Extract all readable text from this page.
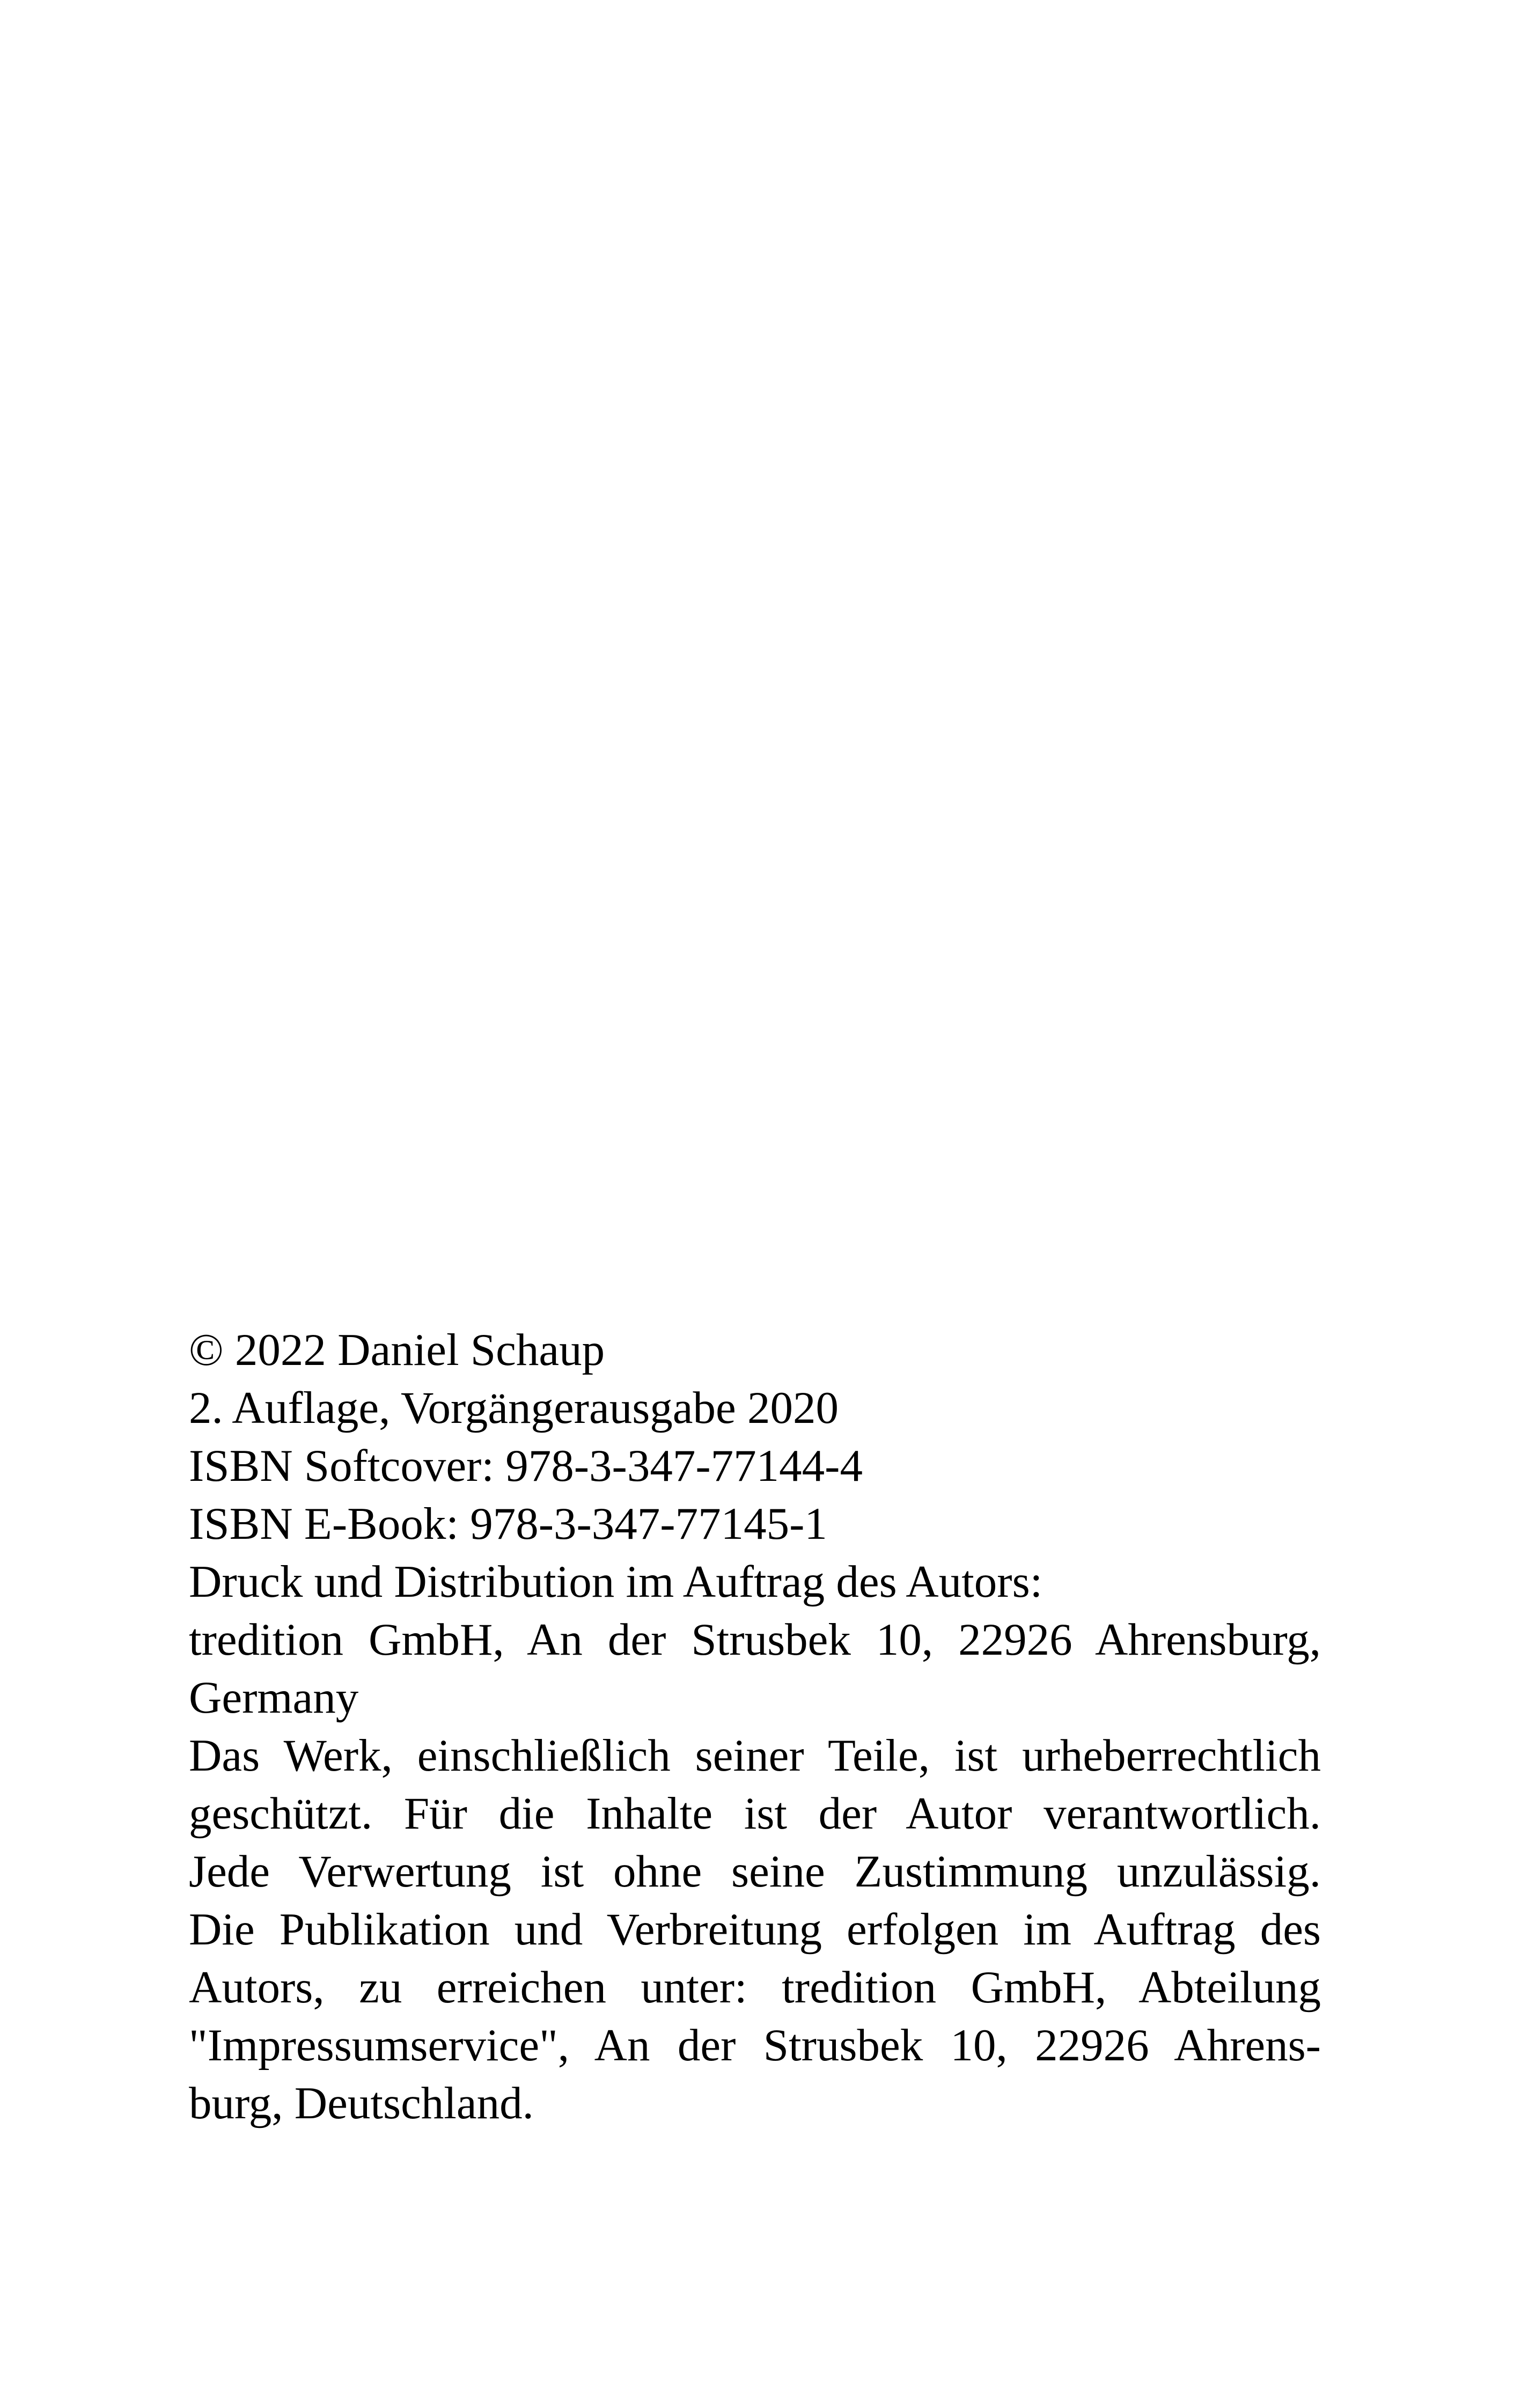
© 2022 Daniel Schaup
2. Auflage, Vorgängerausgabe 2020
ISBN Softcover: 978-3-347-77144-4
ISBN E-Book: 978-3-347-77145-1
Druck und Distribution im Auftrag des Autors:
tredition GmbH, An der Strusbek 10, 22926 Ahrensburg,
Germany
Das Werk, einschließlich seiner Teile, ist urheberrechtlich
geschützt. Für die Inhalte ist der Autor verantwortlich.
Jede Verwertung ist ohne seine Zustimmung unzulässig.
Die Publikation und Verbreitung erfolgen im Auftrag des
Autors, zu erreichen unter: tredition GmbH, Abteilung
"Impressumservice", An der Strusbek 10, 22926 Ahrens-
burg, Deutschland.
